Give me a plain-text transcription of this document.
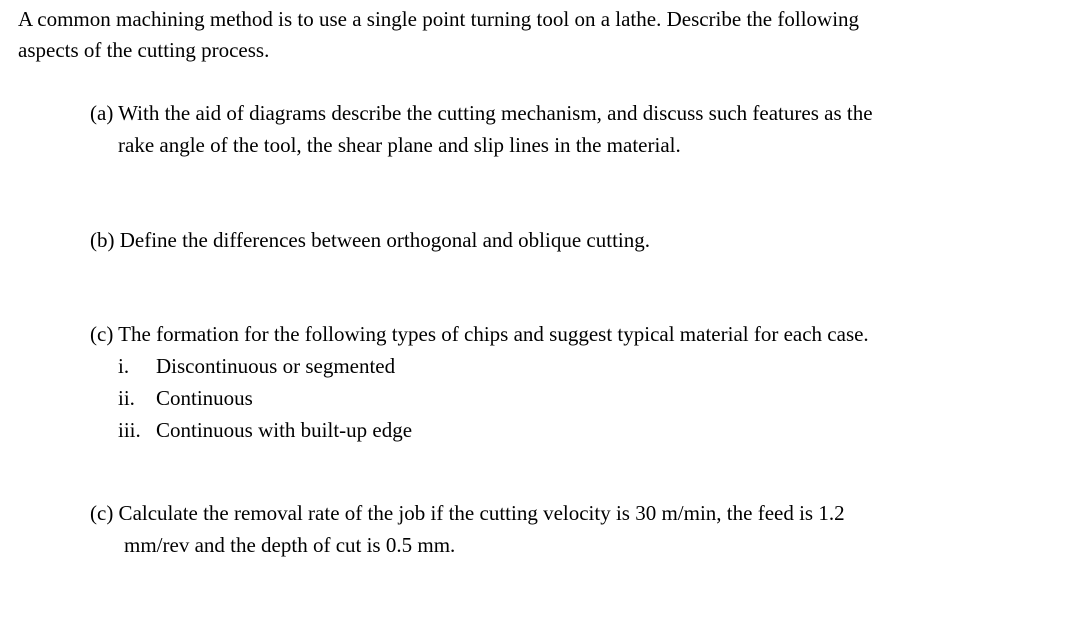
A common machining method is to use a single point turning tool on a lathe. Describe the following
aspects of the cutting process.

(a) With the aid of diagrams describe the cutting mechanism, and discuss such features as the
rake angle of the tool, the shear plane and slip lines in the material.

(b) Define the differences between orthogonal and oblique cutting.

(c) The formation for the following types of chips and suggest typical material for each case.

i.	Discontinuous or segmented
ii.	Continuous
iii. Continuous with built-up edge

(c) Calculate the removal rate of the job if the cutting velocity is 30 m/min, the feed is 1.2
mm/rev and the depth of cut is 0.5 mm.
